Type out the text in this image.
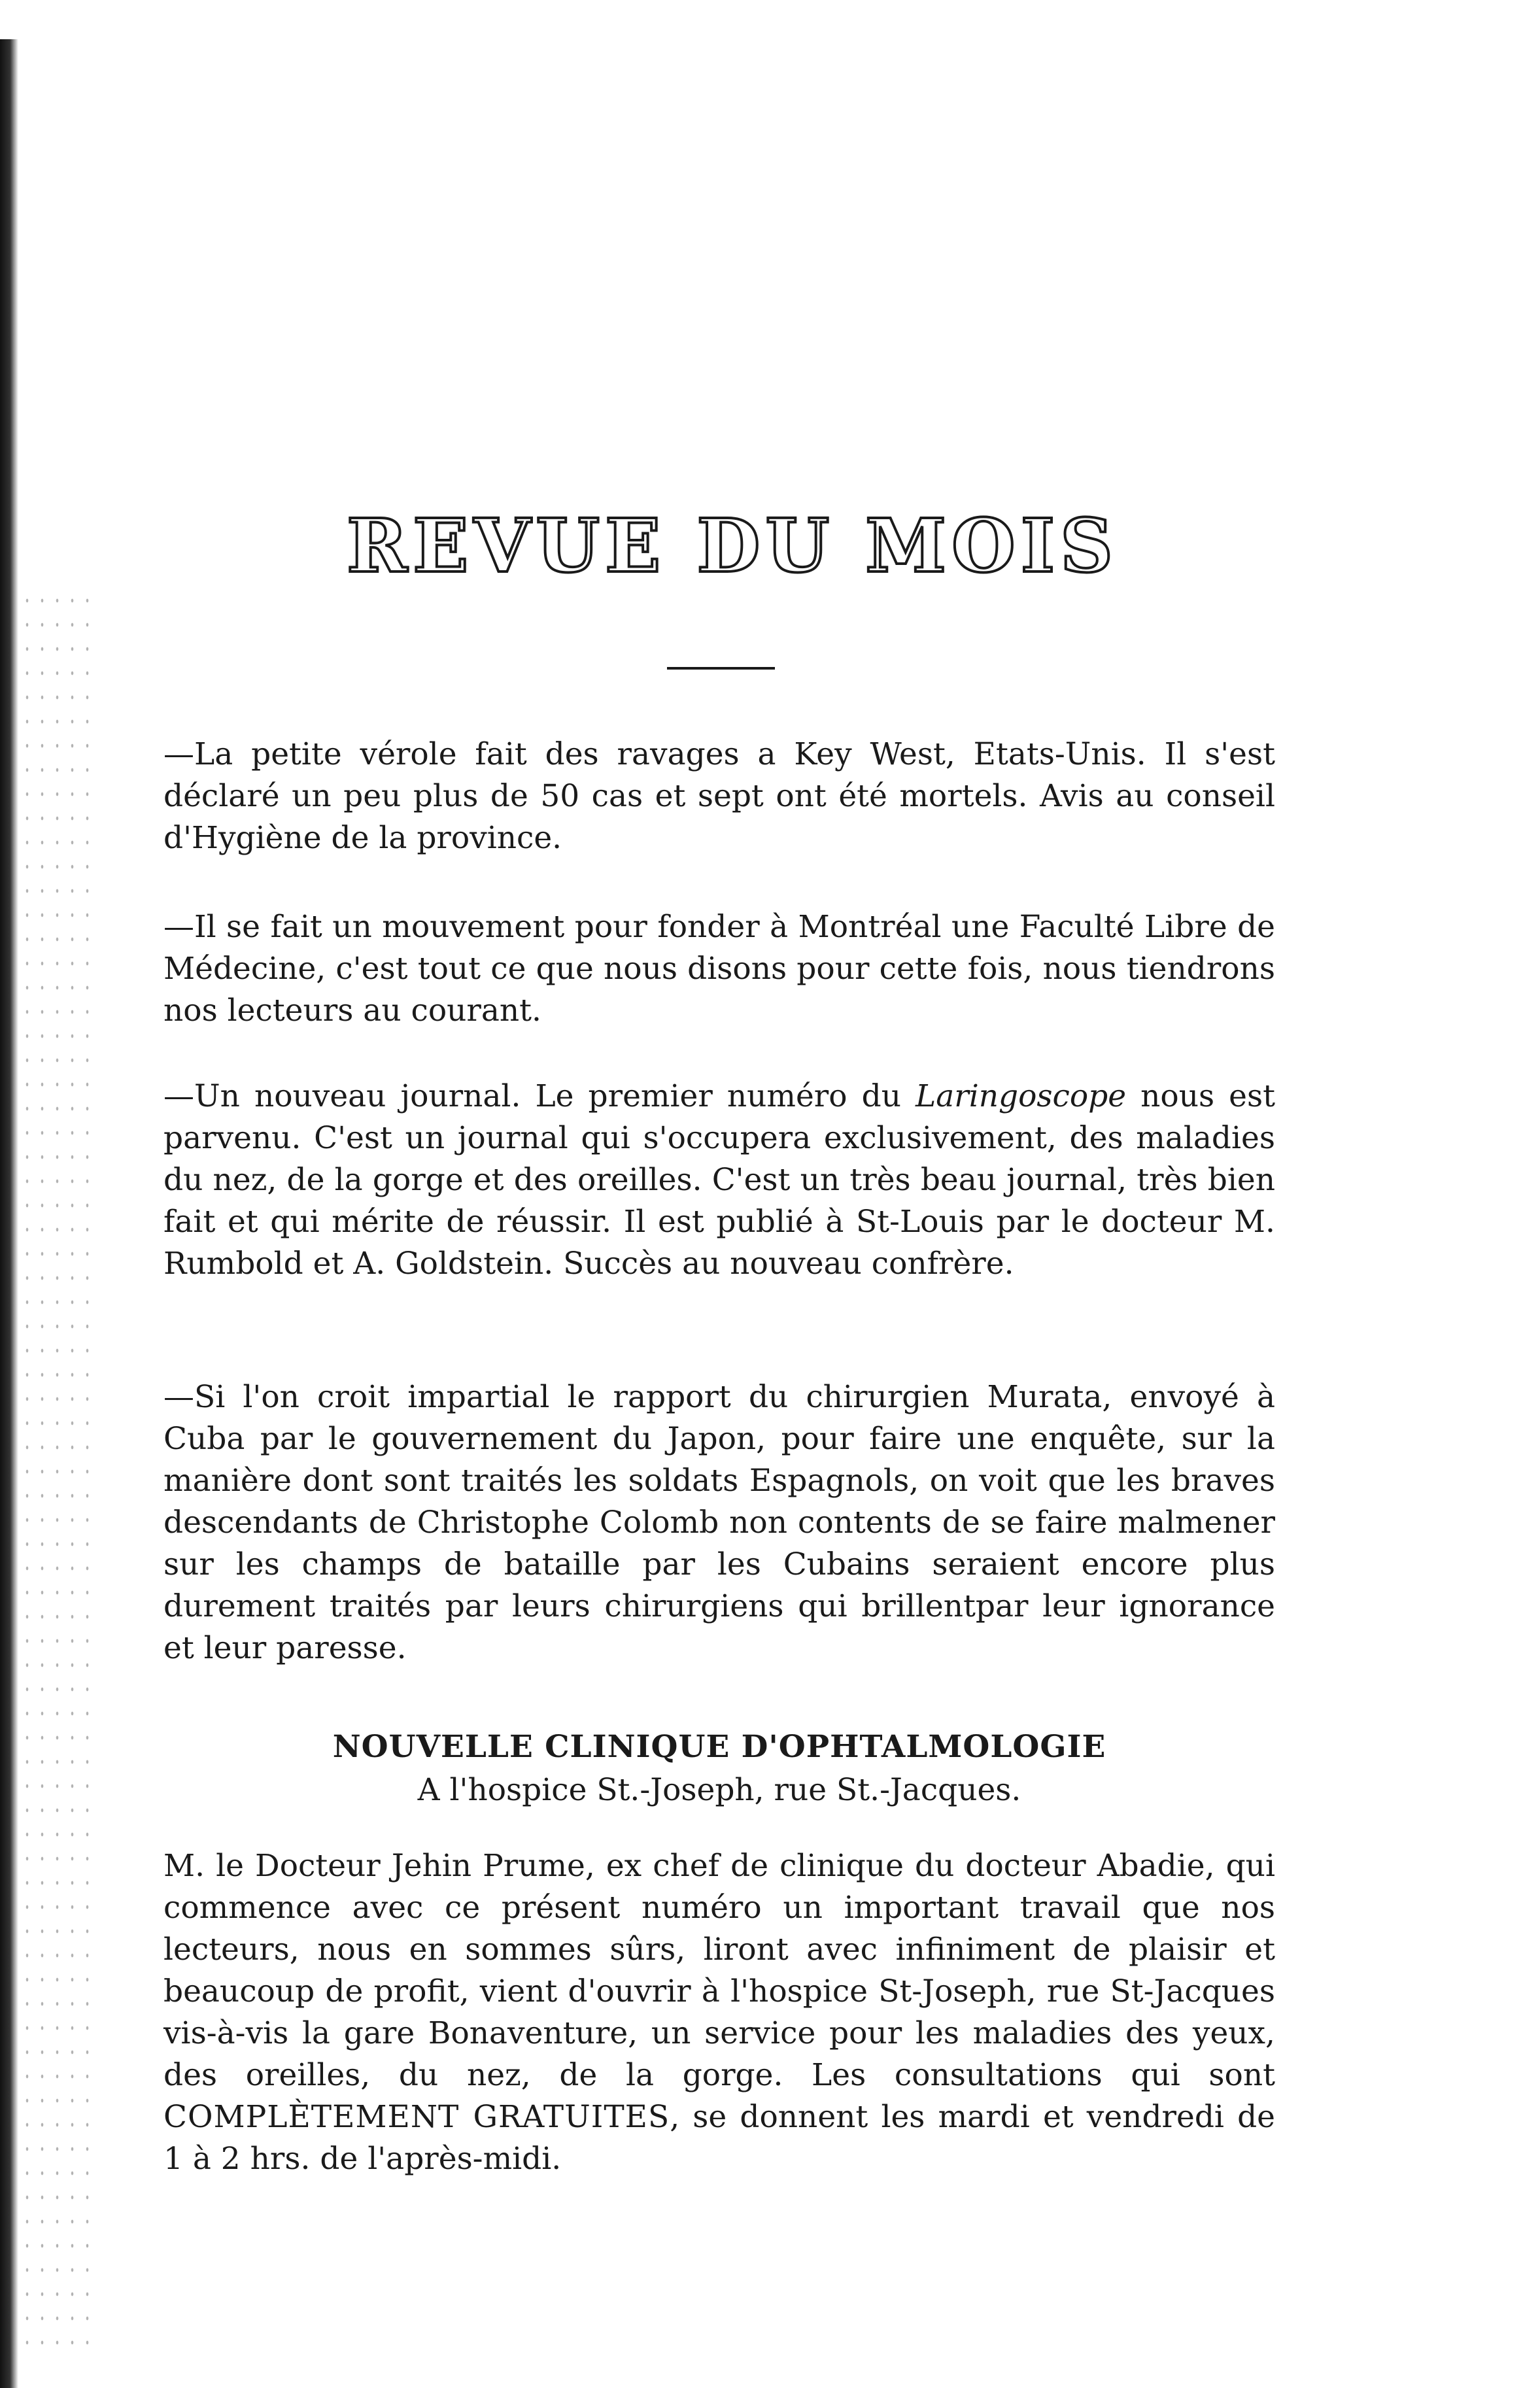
REVUE DU MOIS

—La petite vérole fait des ravages a Key West, Etats-Unis. Il s'est déclaré un peu plus de 50 cas et sept ont été mortels. Avis au conseil d'Hygiène de la province.

—Il se fait un mouvement pour fonder à Montréal une Faculté Libre de Médecine, c'est tout ce que nous disons pour cette fois, nous tiendrons nos lecteurs au courant.

—Un nouveau journal. Le premier numéro du Laringoscope nous est parvenu. C'est un journal qui s'occupera exclusivement, des maladies du nez, de la gorge et des oreilles. C'est un très beau journal, très bien fait et qui mérite de réussir. Il est publié à St-Louis par le docteur M. Rumbold et A. Goldstein. Succès au nouveau confrère.

—Si l'on croit impartial le rapport du chirurgien Murata, envoyé à Cuba par le gouvernement du Japon, pour faire une enquête, sur la manière dont sont traités les soldats Espagnols, on voit que les braves descendants de Christophe Colomb non contents de se faire malmener sur les champs de bataille par les Cubains seraient encore plus durement traités par leurs chirurgiens qui brillentpar leur ignorance et leur paresse.

NOUVELLE CLINIQUE D'OPHTALMOLOGIE

A l'hospice St.-Joseph, rue St.-Jacques.

M. le Docteur Jehin Prume, ex chef de clinique du docteur Abadie, qui commence avec ce présent numéro un important travail que nos lecteurs, nous en sommes sûrs, liront avec infiniment de plaisir et beaucoup de profit, vient d'ouvrir à l'hospice St-Joseph, rue St-Jacques vis-à-vis la gare Bonaventure, un service pour les maladies des yeux, des oreilles, du nez, de la gorge. Les consultations qui sont COMPLÈTEMENT GRATUITES, se donnent les mardi et vendredi de 1 à 2 hrs. de l'après-midi.
